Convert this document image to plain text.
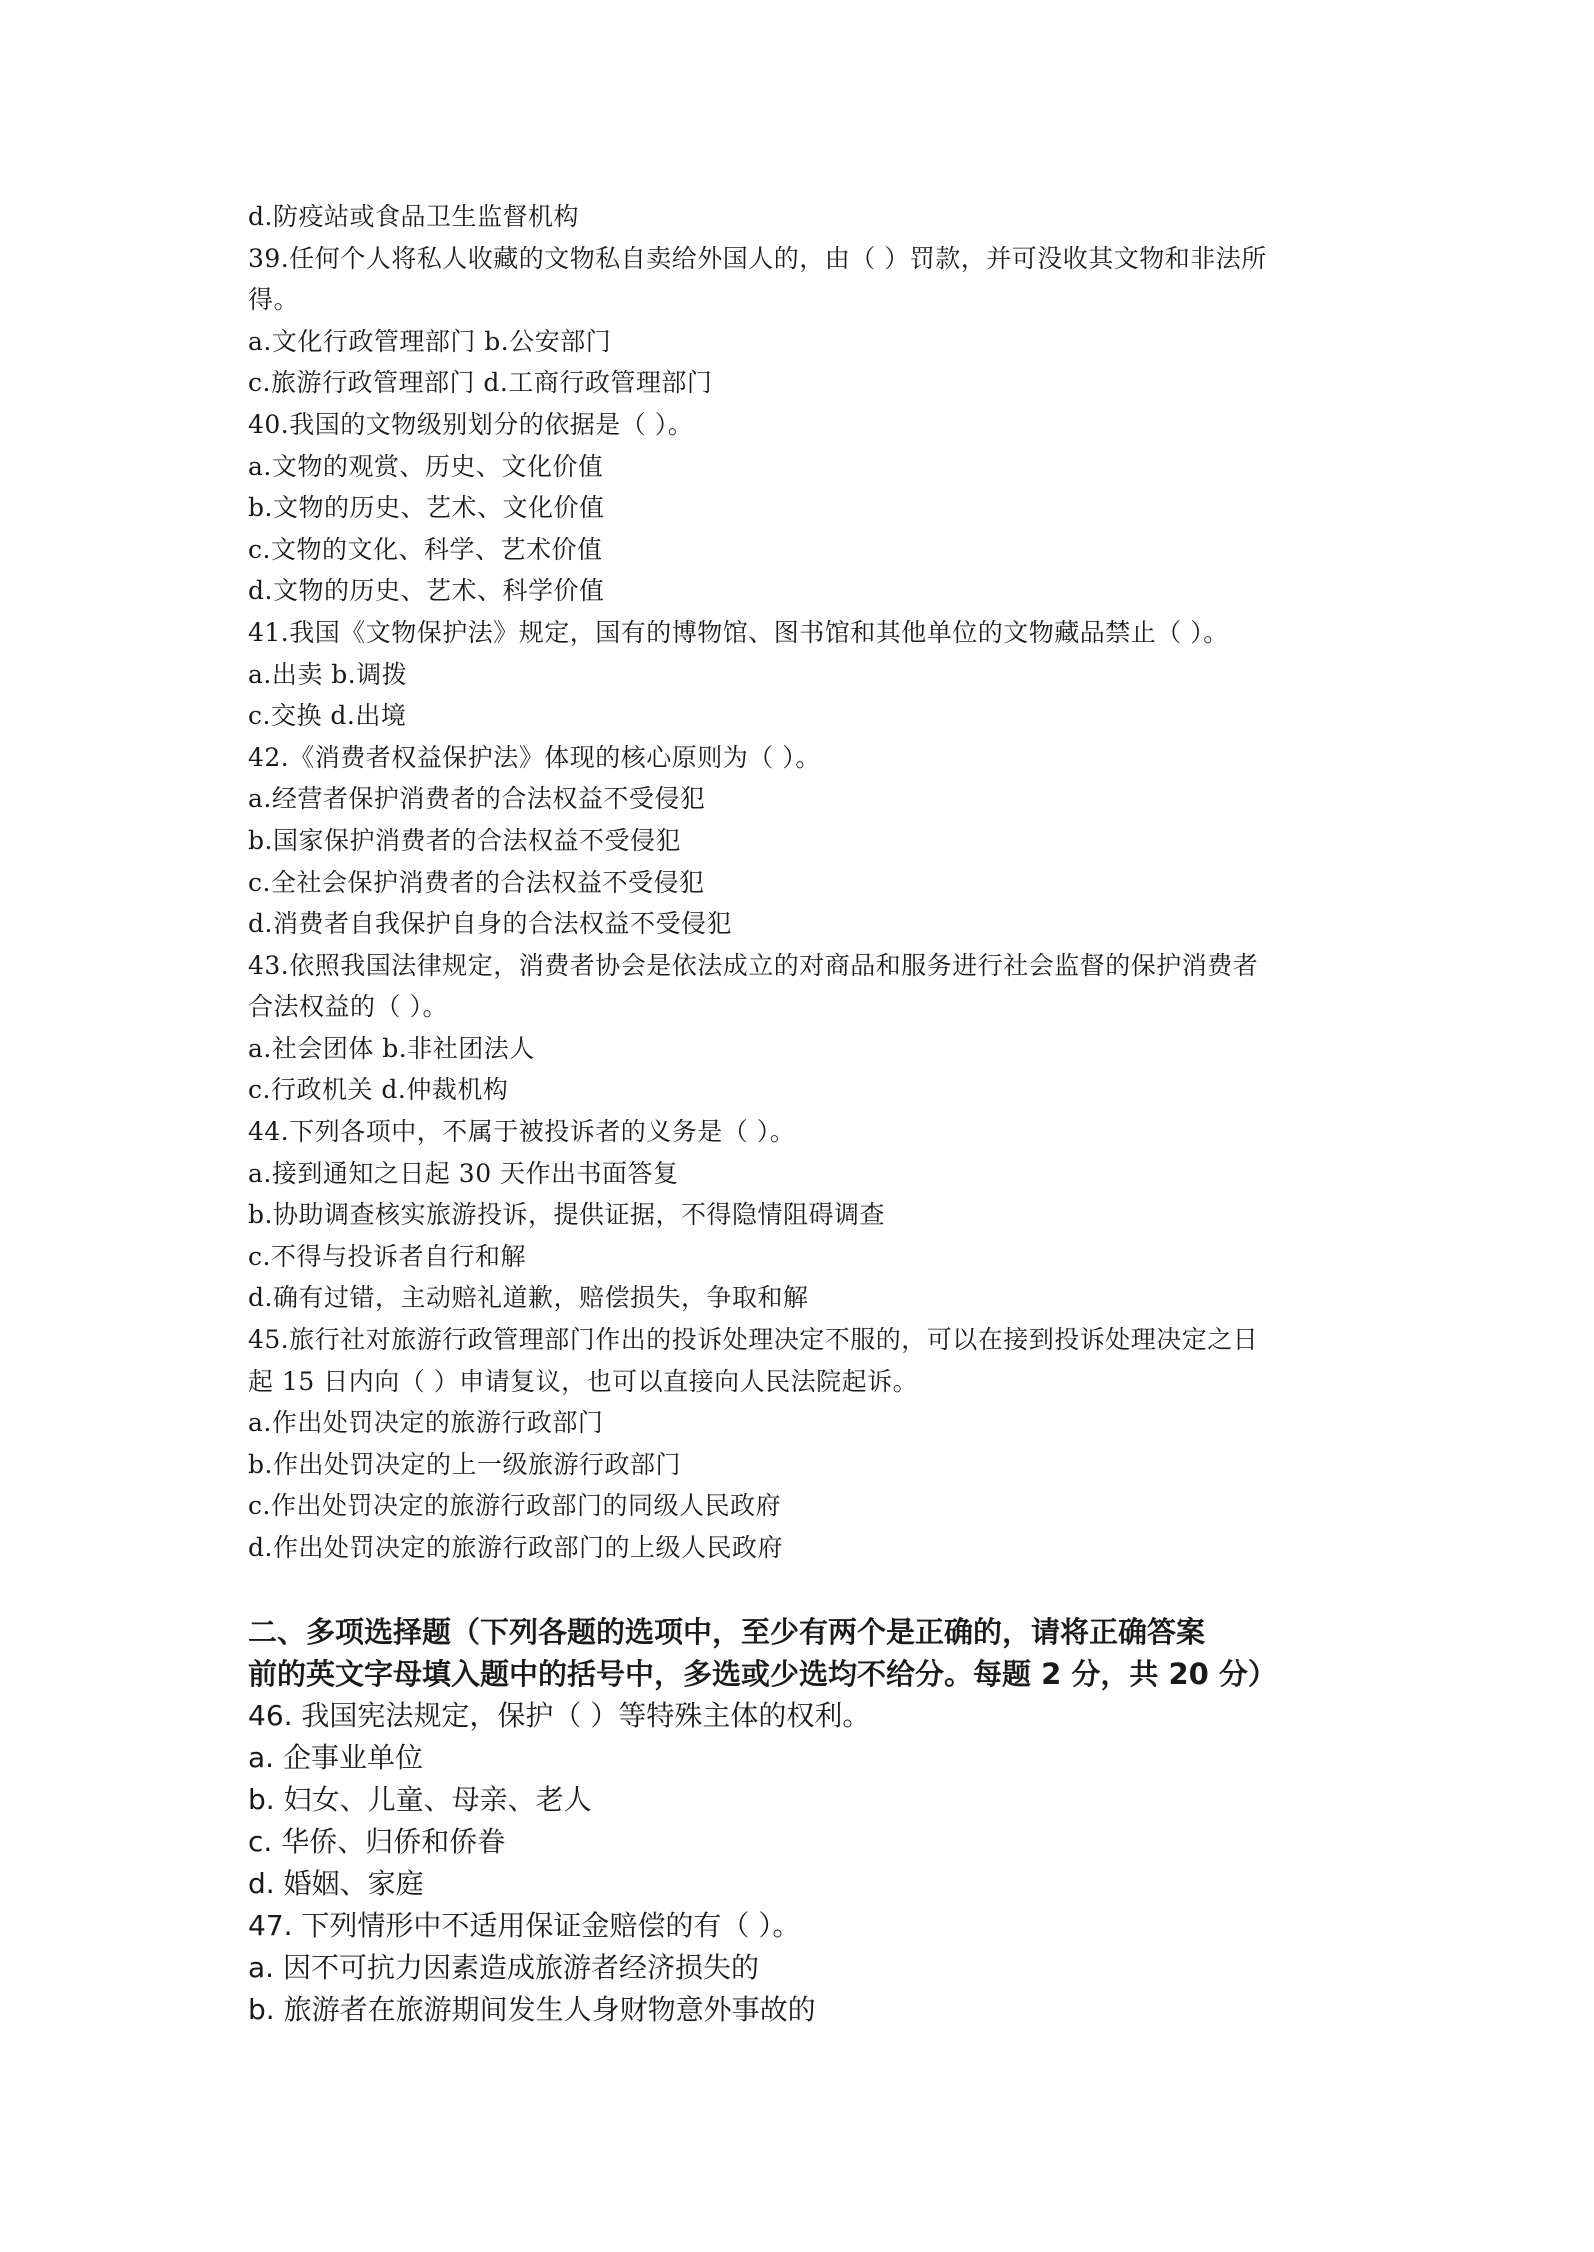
d.防疫站或食品卫生监督机构
39.任何个人将私人收藏的文物私自卖给外国人的，由（ ）罚款，并可没收其文物和非法所
得。
a.文化行政管理部门 b.公安部门
c.旅游行政管理部门 d.工商行政管理部门
40.我国的文物级别划分的依据是（ ）。
a.文物的观赏、历史、文化价值
b.文物的历史、艺术、文化价值
c.文物的文化、科学、艺术价值
d.文物的历史、艺术、科学价值
41.我国《文物保护法》规定，国有的博物馆、图书馆和其他单位的文物藏品禁止（ ）。
a.出卖 b.调拨
c.交换 d.出境
42.《消费者权益保护法》体现的核心原则为（ ）。
a.经营者保护消费者的合法权益不受侵犯
b.国家保护消费者的合法权益不受侵犯
c.全社会保护消费者的合法权益不受侵犯
d.消费者自我保护自身的合法权益不受侵犯
43.依照我国法律规定，消费者协会是依法成立的对商品和服务进行社会监督的保护消费者
合法权益的（ ）。
a.社会团体 b.非社团法人
c.行政机关 d.仲裁机构
44.下列各项中，不属于被投诉者的义务是（ ）。
a.接到通知之日起 30 天作出书面答复
b.协助调查核实旅游投诉，提供证据，不得隐情阻碍调查
c.不得与投诉者自行和解
d.确有过错，主动赔礼道歉，赔偿损失，争取和解
45.旅行社对旅游行政管理部门作出的投诉处理决定不服的，可以在接到投诉处理决定之日
起 15 日内向（ ）申请复议，也可以直接向人民法院起诉。
a.作出处罚决定的旅游行政部门
b.作出处罚决定的上一级旅游行政部门
c.作出处罚决定的旅游行政部门的同级人民政府
d.作出处罚决定的旅游行政部门的上级人民政府
二、多项选择题（下列各题的选项中，至少有两个是正确的，请将正确答案
前的英文字母填入题中的括号中，多选或少选均不给分。每题 2 分，共 20 分）
46. 我国宪法规定，保护（ ）等特殊主体的权利。
a. 企事业单位
b. 妇女、儿童、母亲、老人
c. 华侨、归侨和侨眷
d. 婚姻、家庭
47. 下列情形中不适用保证金赔偿的有（ ）。
a. 因不可抗力因素造成旅游者经济损失的
b. 旅游者在旅游期间发生人身财物意外事故的
